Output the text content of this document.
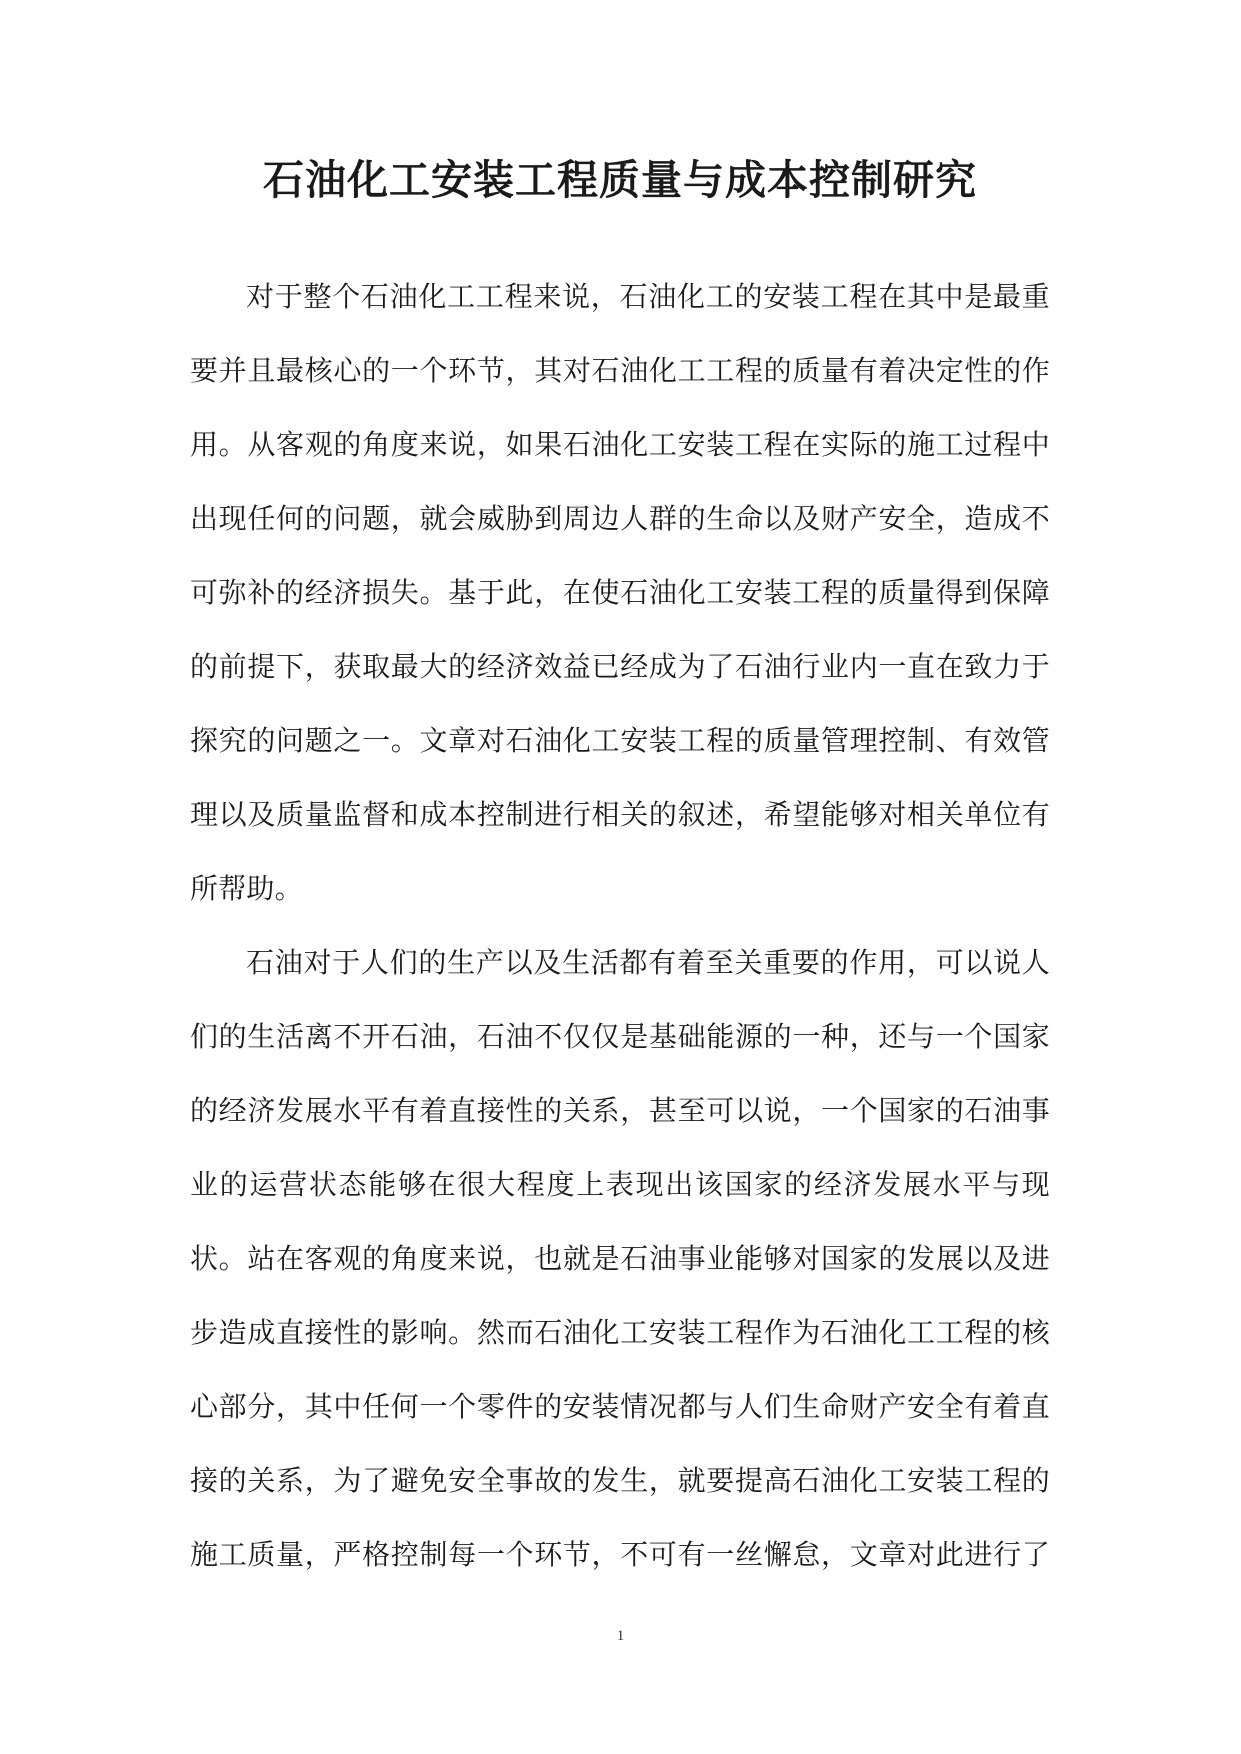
石油化工安装工程质量与成本控制研究
对于整个石油化工工程来说，石油化工的安装工程在其中是最重
要并且最核心的一个环节，其对石油化工工程的质量有着决定性的作
用。从客观的角度来说，如果石油化工安装工程在实际的施工过程中
出现任何的问题，就会威胁到周边人群的生命以及财产安全，造成不
可弥补的经济损失。基于此，在使石油化工安装工程的质量得到保障
的前提下，获取最大的经济效益已经成为了石油行业内一直在致力于
探究的问题之一。文章对石油化工安装工程的质量管理控制、有效管
理以及质量监督和成本控制进行相关的叙述，希望能够对相关单位有
所帮助。
石油对于人们的生产以及生活都有着至关重要的作用，可以说人
们的生活离不开石油，石油不仅仅是基础能源的一种，还与一个国家
的经济发展水平有着直接性的关系，甚至可以说，一个国家的石油事
业的运营状态能够在很大程度上表现出该国家的经济发展水平与现
状。站在客观的角度来说，也就是石油事业能够对国家的发展以及进
步造成直接性的影响。然而石油化工安装工程作为石油化工工程的核
心部分，其中任何一个零件的安装情况都与人们生命财产安全有着直
接的关系，为了避免安全事故的发生，就要提高石油化工安装工程的
施工质量，严格控制每一个环节，不可有一丝懈怠，文章对此进行了
1
